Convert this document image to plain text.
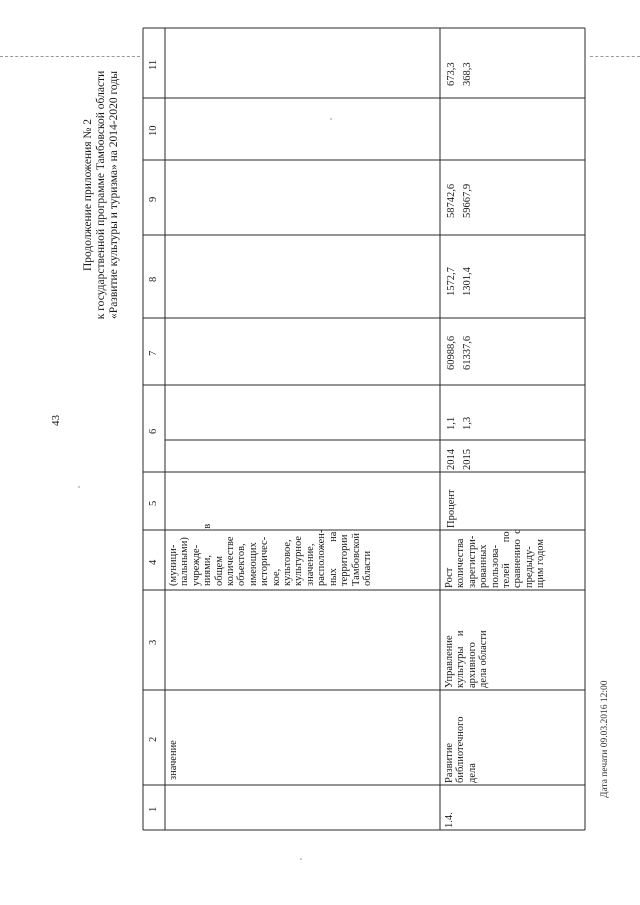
43
Продолжение приложения № 2 к государственной программе Тамбовской области «Развитие культуры и туризма» на 2014-2020 годы
Дата печати 09.03.2016 12:00
1
2
3
4
5
6
7
8
9
10
11
значение
(муници- пальными) учрежде- ниями,          в общем количестве объектов, имеющих историчес- кое, культовое, культурное значение, расположен- ных          на территории Тамбовской области
1.4.
Развитие библиотечного дела
Управление культуры    и архивного дела области
Рост количества зарегистри- рованных пользова- телей        по сравнению  с предыду- щим годом
Процент
2014
1,1
60988,6
1572,7
58742,6
673,3
2015
1,3
61337,6
1301,4
59667,9
368,3
